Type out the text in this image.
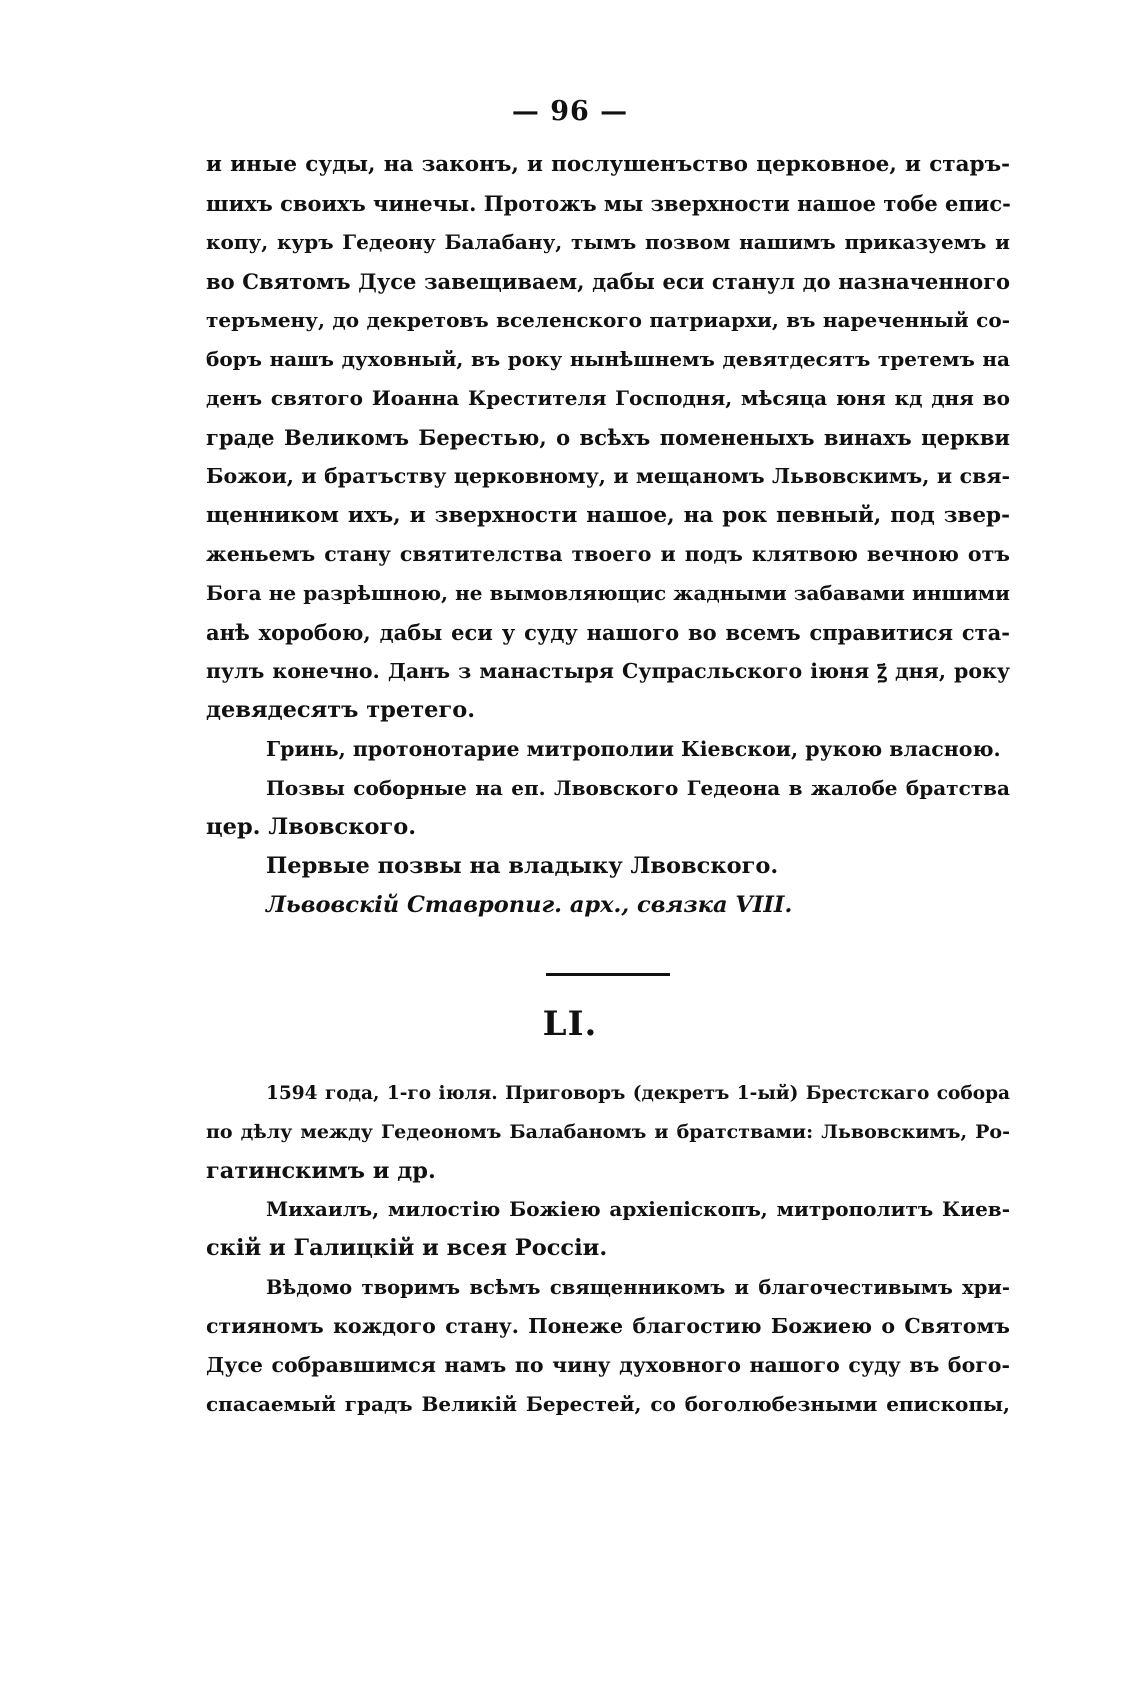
— 96 —
и иные суды, на законъ, и послушенъство церковное, и старъ-
шихъ своихъ чинечы. Протожъ мы зверхности нашое тобе епис-
копу, куръ Гедеону Балабану, тымъ позвом нашимъ приказуемъ и
во Святомъ Дусе завещиваем, дабы еси станул до назначенного
теръмену, до декретовъ вселенского патриархи, въ нареченный со-
боръ нашъ духовный, въ року нынѣшнемъ девятдесятъ третемъ на
денъ святого Иоанна Крестителя Господня, мѣсяца юня кд дня во
граде Великомъ Берестью, о всѣхъ помененыхъ винахъ церкви
Божои, и братъству церковному, и мещаномъ Львовскимъ, и свя-
щенником ихъ, и зверхности нашое, на рок певный, под звер-
женьемъ стану святителства твоего и подъ клятвою вечною отъ
Бога не разрѣшною, не вымовляющис жадными забавами иншими
анѣ хоробою, дабы еси у суду нашого во всемъ справитися ста-
пулъ конечно. Данъ з манастыря Супрасльского іюня ꙁ҃ дня, року
девядесятъ третего.
Гринь, протонотарие митрополии Кіевскои, рукою власною.
Позвы соборные на еп. Лвовского Гедеона в жалобе братства
цер. Лвовского.
Первые позвы на владыку Лвовского.
Львовскій Ставропиг. арх., связка VIII.
LI.
1594 года, 1-го іюля. Приговоръ (декретъ 1-ый) Брестскаго собора
по дѣлу между Гедеономъ Балабаномъ и братствами: Львовскимъ, Ро-
гатинскимъ и др.
Михаилъ, милостію Божіею архіепіскопъ, митрополитъ Киев-
скій и Галицкій и всея Россіи.
Вѣдомо творимъ всѣмъ священникомъ и благочестивымъ хри-
стияномъ кождого стану. Понеже благостию Божиею о Святомъ
Дусе собравшимся намъ по чину духовного нашого суду въ бого-
спасаемый градъ Великій Берестей, со боголюбезными епископы,
